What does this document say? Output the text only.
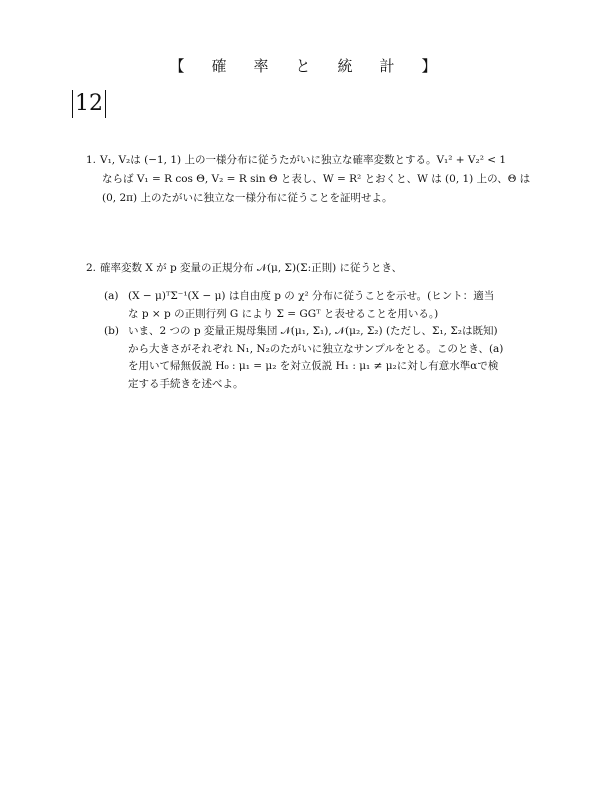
【　確　率　と　統　計　】
12
1. V₁, V₂は (−1, 1) 上の一様分布に従うたがいに独立な確率変数とする。V₁² + V₂² < 1
ならば V₁ = R cos Θ, V₂ = R sin Θ と表し、W = R² とおくと、W は (0, 1) 上の、Θ は
(0, 2π) 上のたがいに独立な一様分布に従うことを証明せよ。
2. 確率変数 X が p 変量の正規分布 𝒩(μ, Σ)(Σ:正則) に従うとき、
(a) (X − μ)ᵀΣ⁻¹(X − μ) は自由度 p の χ² 分布に従うことを示せ。(ヒント：適当
な p × p の正則行列 G により Σ = GGᵀ と表せることを用いる。)
(b) いま、2 つの p 変量正規母集団 𝒩(μ₁, Σ₁), 𝒩(μ₂, Σ₂) (ただし、Σ₁, Σ₂は既知)
から大きさがそれぞれ N₁, N₂のたがいに独立なサンプルをとる。このとき、(a)
を用いて帰無仮説 H₀ : μ₁ = μ₂ を対立仮説 H₁ : μ₁ ≠ μ₂に対し有意水準αで検
定する手続きを述べよ。
